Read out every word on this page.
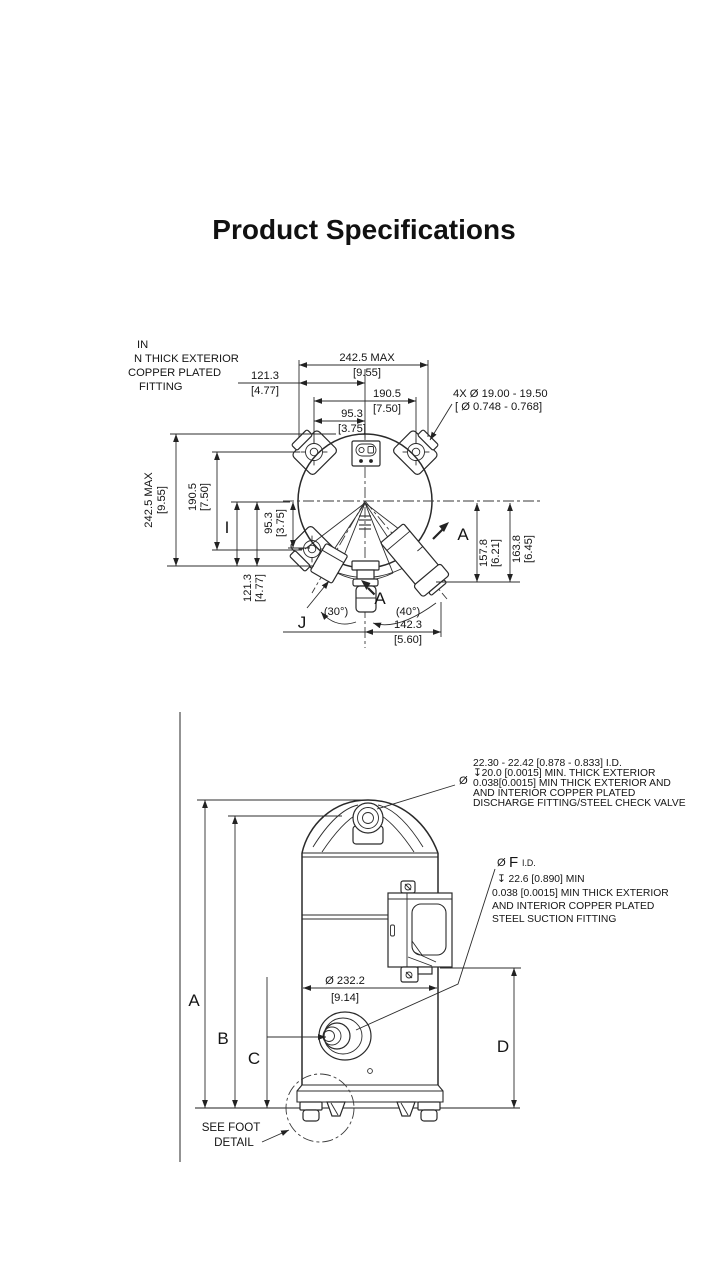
Product Specifications
A
A
IN
N THICK EXTERIOR
COPPER PLATED
FITTING
4X Ø 19.00 - 19.50
[ Ø 0.748 - 0.768]
242.5 MAX
[9.55]
121.3
[4.77]	190.5
[7.50]
95.3
[3.75]
242.5 MAX [9.55] 190.5 [7.50]
I
121.3 [4.77]
95.3 [3.75]
157.8 [6.21] 163.8 [6.45]
142.3
[5.60]
(30°)	(40°)
J
SEE FOOT
DETAIL
Ø
22.30 - 22.42 [0.878 - 0.833] I.D.
↧20.0 [0.0015] MIN. THICK EXTERIOR
0.038[0.0015] MIN THICK EXTERIOR AND
AND INTERIOR COPPER PLATED
DISCHARGE FITTING/STEEL CHECK VALVE
Ø F I.D.
↧ 22.6 [0.890] MIN
0.038 [0.0015] MIN THICK EXTERIOR
AND INTERIOR COPPER PLATED
STEEL SUCTION FITTING
Ø 232.2
[9.14]
A
B
C
D
